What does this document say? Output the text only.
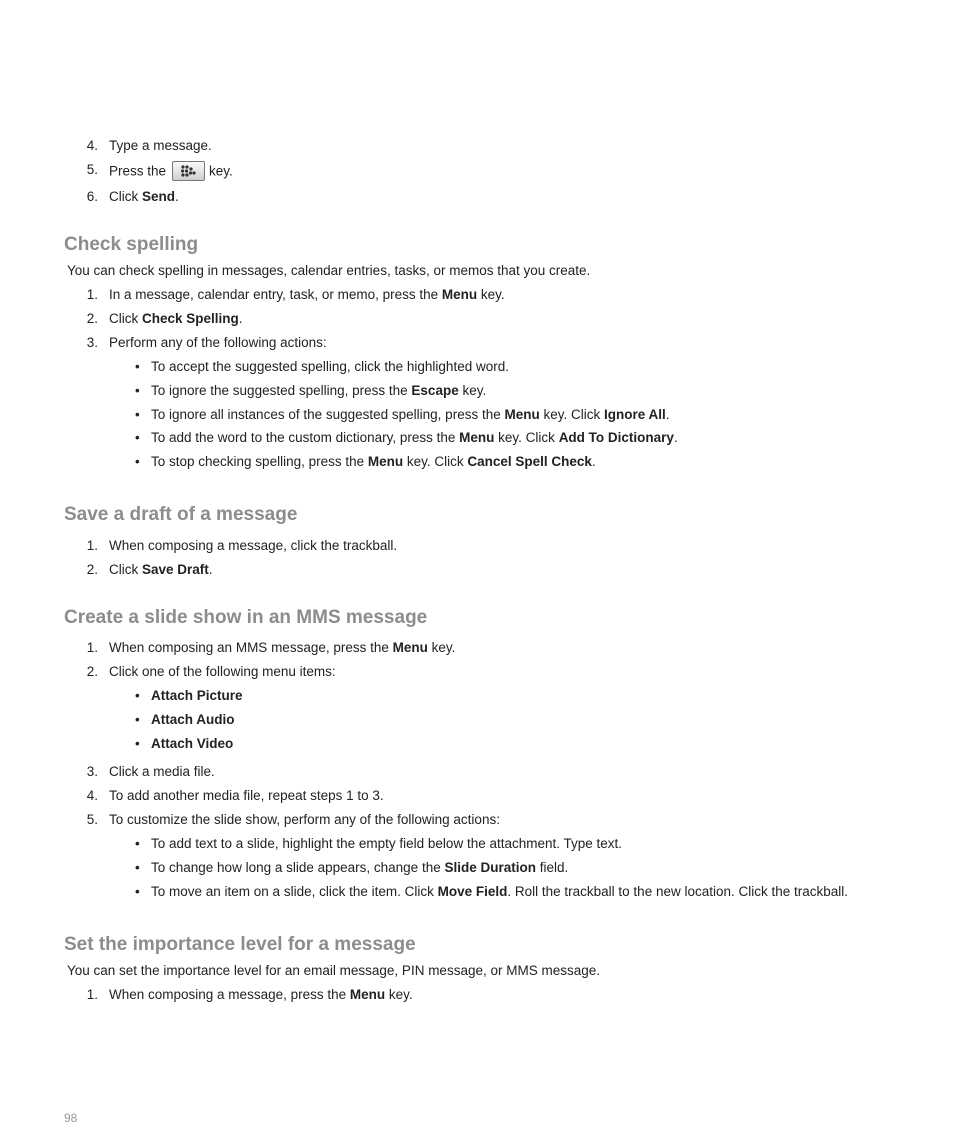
4. Type a message.
5. Press the	key.
6. Click Send.
Check spelling
You can check spelling in messages, calendar entries, tasks, or memos that you create.
1. In a message, calendar entry, task, or memo, press the Menu key.
2. Click Check Spelling.
3. Perform any of the following actions:
• To accept the suggested spelling, click the highlighted word.
• To ignore the suggested spelling, press the Escape key.
• To ignore all instances of the suggested spelling, press the Menu key. Click Ignore All.
• To add the word to the custom dictionary, press the Menu key. Click Add To Dictionary.
• To stop checking spelling, press the Menu key. Click Cancel Spell Check.
Save a draft of a message
1. When composing a message, click the trackball.
2. Click Save Draft.
Create a slide show in an MMS message
1. When composing an MMS message, press the Menu key.
2. Click one of the following menu items:
• Attach Picture
• Attach Audio
• Attach Video
3. Click a media file.
4. To add another media file, repeat steps 1 to 3.
5. To customize the slide show, perform any of the following actions:
• To add text to a slide, highlight the empty field below the attachment. Type text.
• To change how long a slide appears, change the Slide Duration field.
• To move an item on a slide, click the item. Click Move Field. Roll the trackball to the new location. Click the trackball.
Set the importance level for a message
You can set the importance level for an email message, PIN message, or MMS message.
1. When composing a message, press the Menu key.
98
